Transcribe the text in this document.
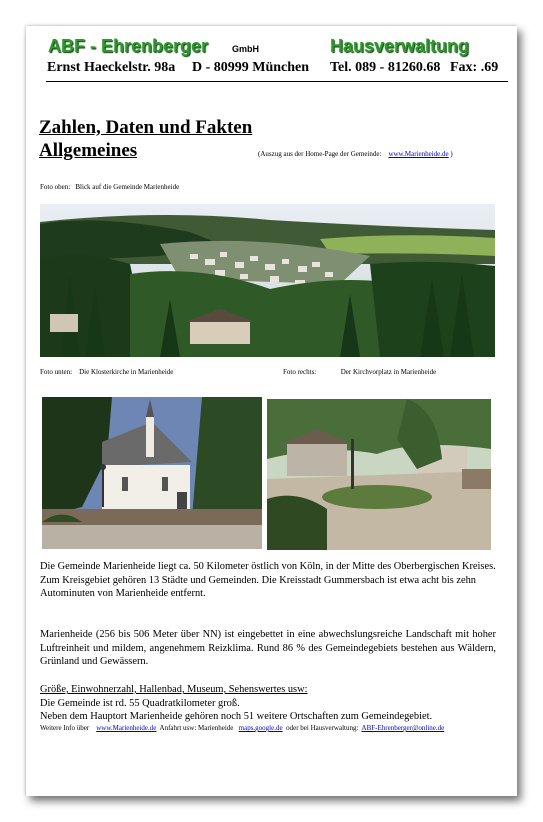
ABF - Ehrenberger	GmbH	Hausverwaltung
Ernst Haeckelstr. 98a D - 80999 München Tel. 089 - 81260.68 Fax: .69
Zahlen, Daten und Fakten
Allgemeines	(Auszug aus der Home-Page der Gemeinde: www.Marienheide.de )
Foto oben: Blick auf die Gemeinde Marienheide
Foto unten: Die Klosterkirche in Marienheide	Foto rechts:	Der Kirchvorplatz in Marienheide

Die Gemeinde Marienheide liegt ca. 50 Kilometer östlich von Köln, in der Mitte des Oberbergischen Kreises.

Zum Kreisgebiet gehören 13 Städte und Gemeinden. Die Kreisstadt Gummersbach ist etwa acht bis zehn Autominuten von Marienheide entfernt.

Marienheide (256 bis 506 Meter über NN) ist eingebettet in eine abwechslungsreiche Landschaft mit hoher Luftreinheit und mildem, angenehmem Reizklima. Rund 86 % des Gemeindegebiets bestehen aus Wäldern, Grünland und Gewässern.

Größe, Einwohnerzahl, Hallenbad, Museum, Sehenswertes usw:

Die Gemeinde ist rd. 55 Quadratkilometer groß.

Neben dem Hauptort Marienheide gehören noch 51 weitere Ortschaften zum Gemeindegebiet.

Weitere Info über www.Marienheide.de Anfahrt usw: Marienheide maps.google.de oder bei Hausverwaltung: ABF-Ehrenberger@online.de
